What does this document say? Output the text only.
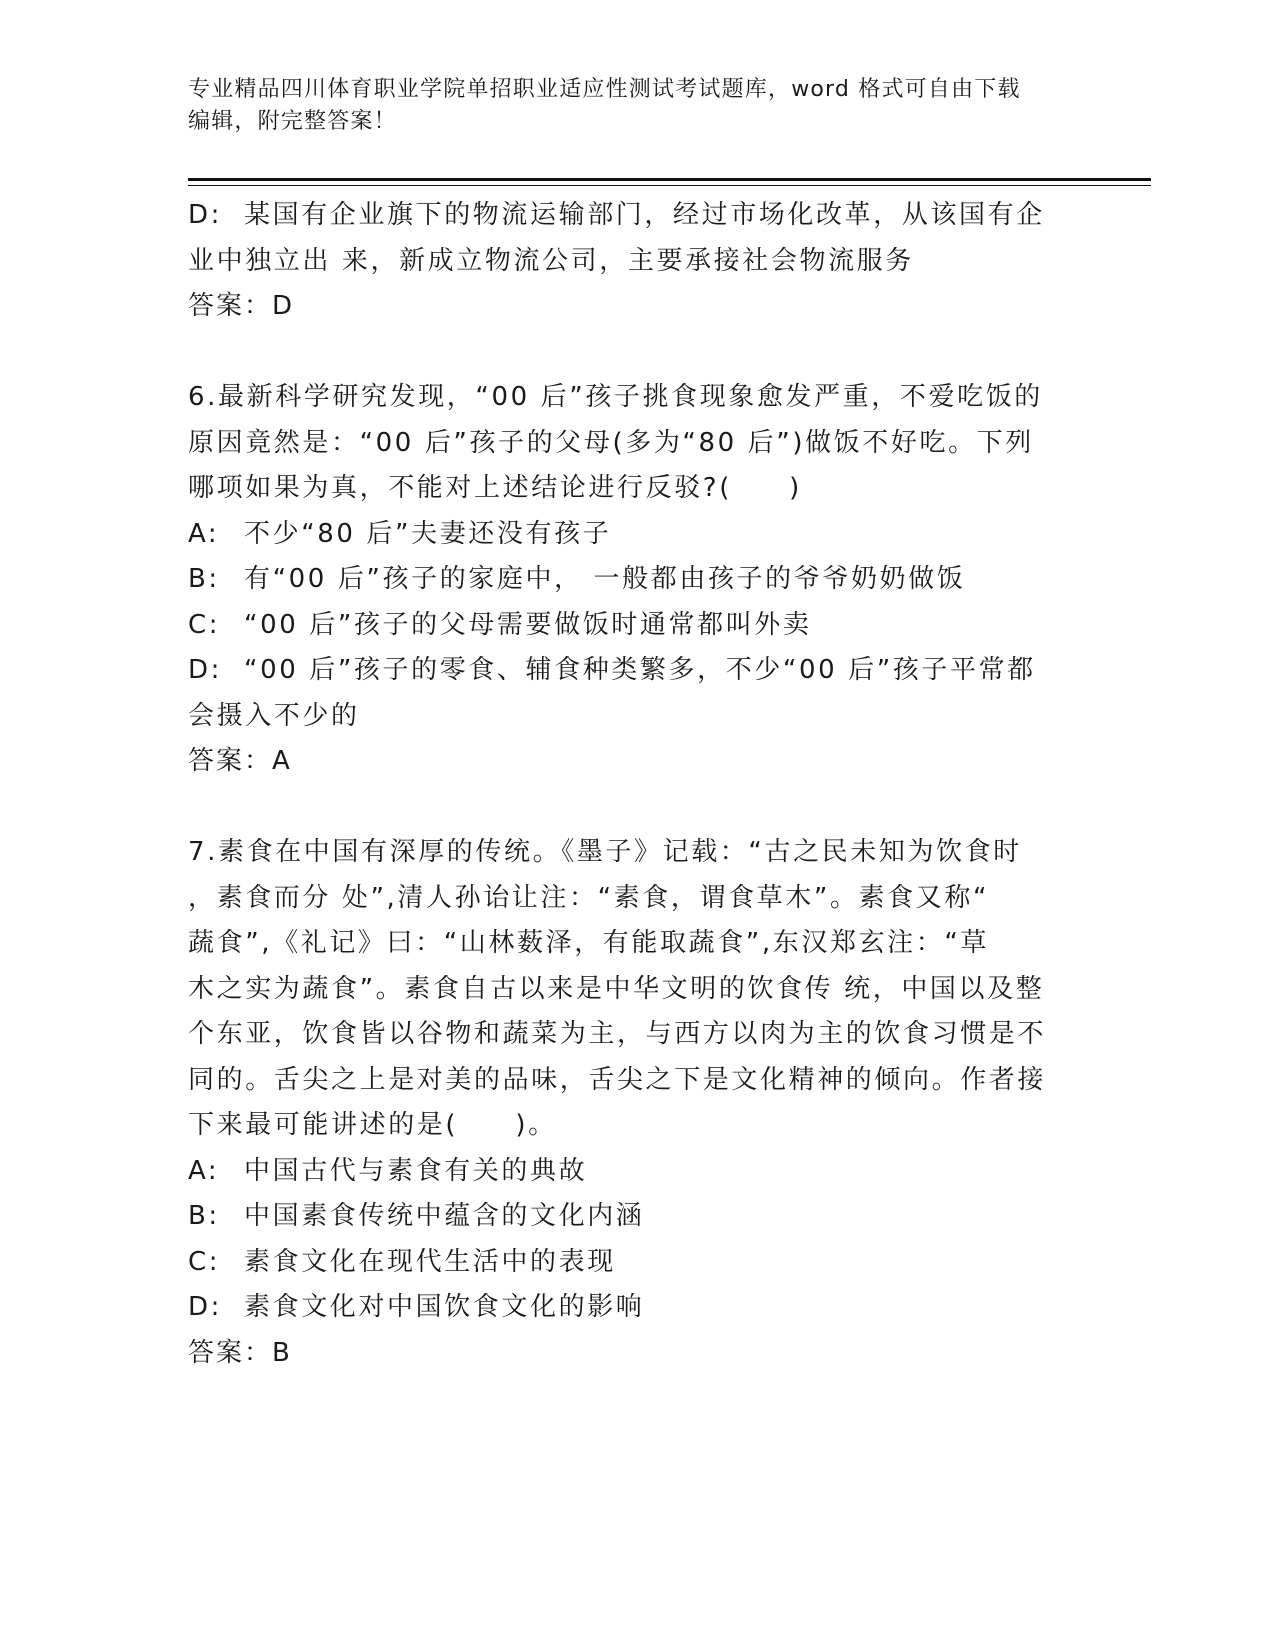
专业精品四川体育职业学院单招职业适应性测试考试题库，word 格式可自由下载
编辑，附完整答案！
D: 某国有企业旗下的物流运输部门，经过市场化改革，从该国有企
业中独立出 来，新成立物流公司，主要承接社会物流服务
答案：D
6.最新科学研究发现，“00 后”孩子挑食现象愈发严重，不爱吃饭的
原因竟然是：“00 后”孩子的父母(多为“80 后”)做饭不好吃。下列
哪项如果为真，不能对上述结论进行反驳?(　　)
A: 不少“80 后”夫妻还没有孩子
B: 有“00 后”孩子的家庭中， 一般都由孩子的爷爷奶奶做饭
C: “00 后”孩子的父母需要做饭时通常都叫外卖
D: “00 后”孩子的零食、辅食种类繁多，不少“00 后”孩子平常都
会摄入不少的
答案：A
7.素食在中国有深厚的传统。《墨子》记载：“古之民未知为饮食时
，素食而分 处”,清人孙诒让注：“素食，谓食草木”。素食又称“
蔬食”,《礼记》曰：“山林薮泽，有能取蔬食”,东汉郑玄注：“草
木之实为蔬食”。素食自古以来是中华文明的饮食传 统，中国以及整
个东亚，饮食皆以谷物和蔬菜为主，与西方以肉为主的饮食习惯是不
同的。舌尖之上是对美的品味，舌尖之下是文化精神的倾向。作者接
下来最可能讲述的是(　　)。
A: 中国古代与素食有关的典故
B: 中国素食传统中蕴含的文化内涵
C: 素食文化在现代生活中的表现
D: 素食文化对中国饮食文化的影响
答案：B
